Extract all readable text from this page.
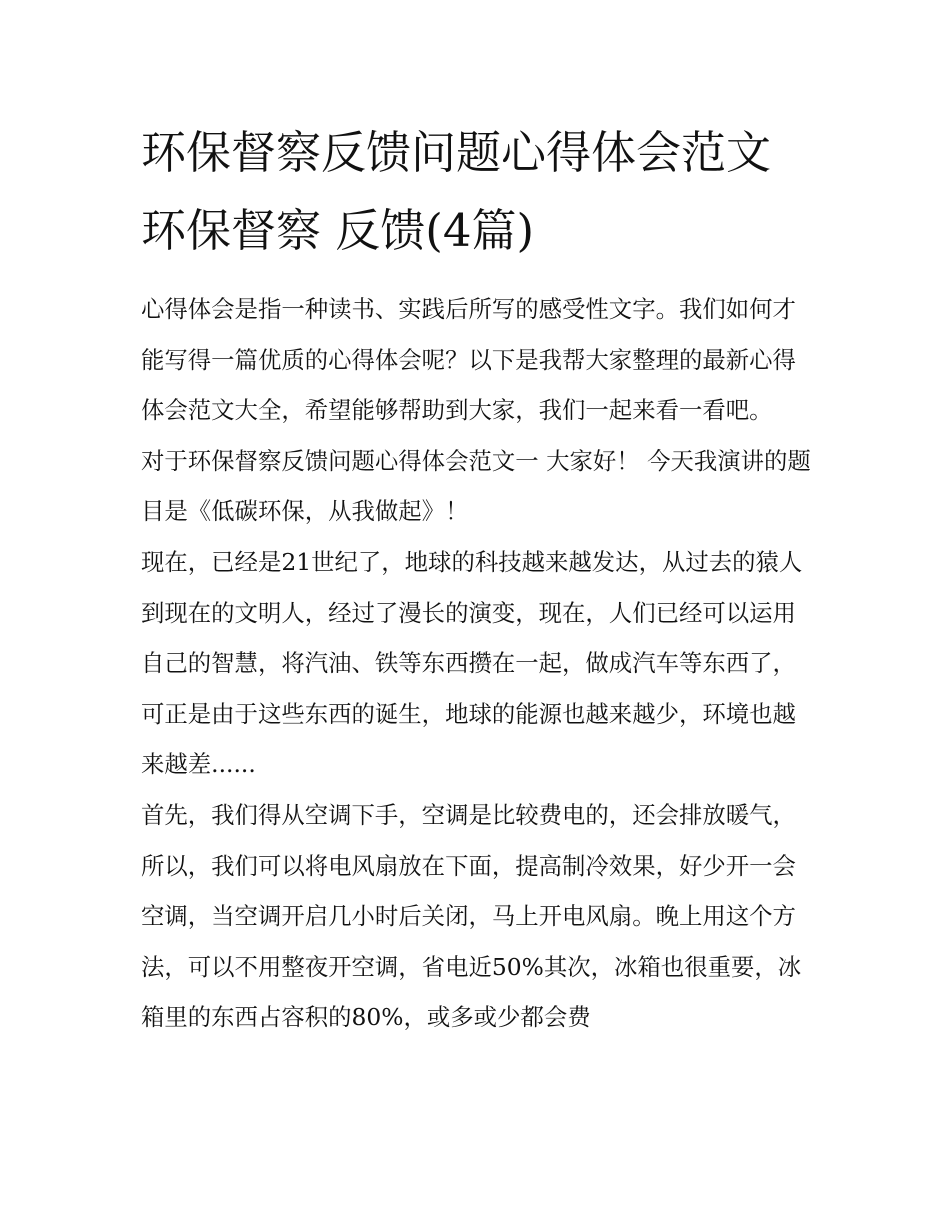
环保督察反馈问题心得体会范文 环保督察 反馈(4篇)

心得体会是指一种读书、实践后所写的感受性文字。我们如何才能写得一篇优质的心得体会呢？以下是我帮大家整理的最新心得体会范文大全，希望能够帮助到大家，我们一起来看一看吧。

对于环保督察反馈问题心得体会范文一 大家好！ 今天我演讲的题目是《低碳环保，从我做起》！

现在，已经是21世纪了，地球的科技越来越发达，从过去的猿人到现在的文明人，经过了漫长的演变，现在，人们已经可以运用自己的智慧，将汽油、铁等东西攒在一起，做成汽车等东西了，可正是由于这些东西的诞生，地球的能源也越来越少，环境也越来越差......

首先，我们得从空调下手，空调是比较费电的，还会排放暖气，所以，我们可以将电风扇放在下面，提高制冷效果，好少开一会空调，当空调开启几小时后关闭，马上开电风扇。晚上用这个方法，可以不用整夜开空调，省电近50%其次，冰箱也很重要，冰箱里的东西占容积的80%，或多或少都会费
